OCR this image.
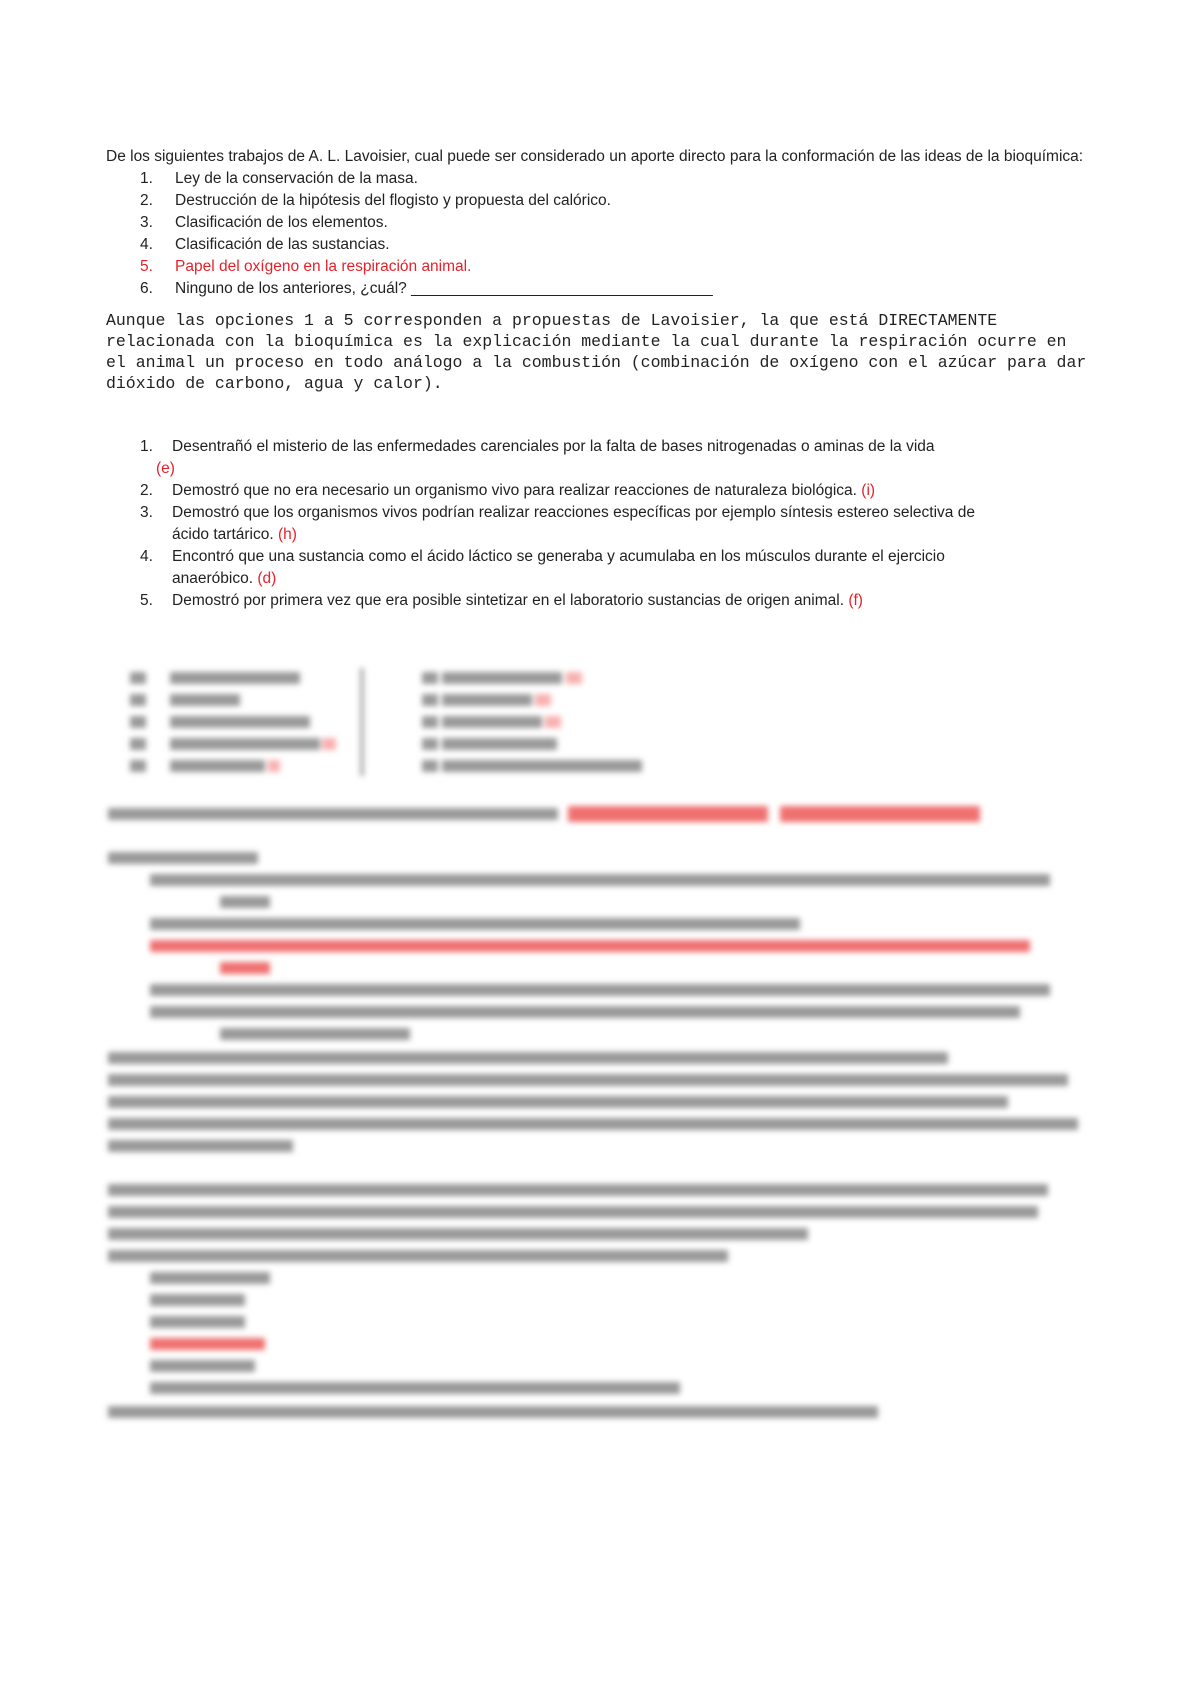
De los siguientes trabajos de A. L. Lavoisier, cual puede ser considerado un aporte directo para la conformación de las ideas de la bioquímica:
1.	Ley de la conservación de la masa.
2.	Destrucción de la hipótesis del flogisto y propuesta del calórico.
3.	Clasificación de los elementos.
4.	Clasificación de las sustancias.
5.	Papel del oxígeno en la respiración animal.
6.	Ninguno de los anteriores, ¿cuál? ___________________________________
Aunque las opciones 1 a 5 corresponden a propuestas de Lavoisier, la que está DIRECTAMENTE relacionada con la bioquímica es la explicación mediante la cual durante la respiración ocurre en el animal un proceso en todo análogo a la combustión (combinación de oxígeno con el azúcar para dar dióxido de carbono, agua y calor).
1.	Desentrañó el misterio de las enfermedades carenciales por la falta de bases nitrogenadas o aminas de la vida
(e)
2.	Demostró que no era necesario un organismo vivo para realizar reacciones de naturaleza biológica. (i)
3.	Demostró que los organismos vivos podrían realizar reacciones específicas por ejemplo síntesis estereo selectiva de ácido tartárico. (h)
4.	Encontró que una sustancia como el ácido láctico se generaba y acumulaba en los músculos durante el ejercicio anaeróbico. (d)
5.	Demostró por primera vez que era posible sintetizar en el laboratorio sustancias de origen animal. (f)
